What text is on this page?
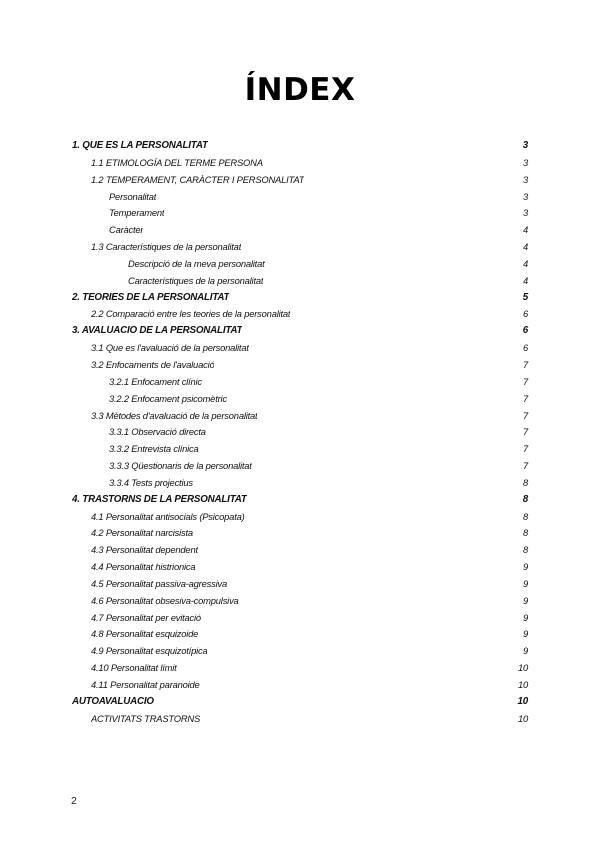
ÍNDEX
1. QUE ES LA PERSONALITAT	3
1.1 ETIMOLOGÍA DEL TERME PERSONA	3
1.2 TEMPERAMENT, CARÀCTER I PERSONALITAT	3
Personalitat	3
Temperament	3
Caràcter	4
1.3 Característiques de la personalitat	4
Descripció de la meva personalitat	4
Característiques de la personalitat	4
2. TEORIES DE LA PERSONALITAT	5
2.2 Comparació entre les teories de la personalitat	6
3. AVALUACIÓ DE LA PERSONALITAT	6
3.1 Que es l'avaluació de la personalitat	6
3.2 Enfocaments de l'avaluació	7
3.2.1 Enfocament clínic	7
3.2.2 Enfocament psicomètric	7
3.3 Mètodes d'avaluació de la personalitat	7
3.3.1 Observació directa	7
3.3.2 Entrevista clínica	7
3.3.3 Qüestionaris de la personalitat	7
3.3.4 Tests projectius	8
4. TRASTORNS DE LA PERSONALITAT	8
4.1 Personalitat antisocials (Psicopata)	8
4.2 Personalitat narcisista	8
4.3 Personalitat dependent	8
4.4 Personalitat histrionica	9
4.5 Personalitat passiva-agressiva	9
4.6 Personalitat obsesiva-compulsiva	9
4.7 Personalitat per evitació	9
4.8 Personalitat esquizoide	9
4.9 Personalitat esquizotípica	9
4.10 Personalitat límit	10
4.11 Personalitat paranoide	10
AUTOAVALUACIÓ	10
ACTIVITATS TRASTORNS	10
2
